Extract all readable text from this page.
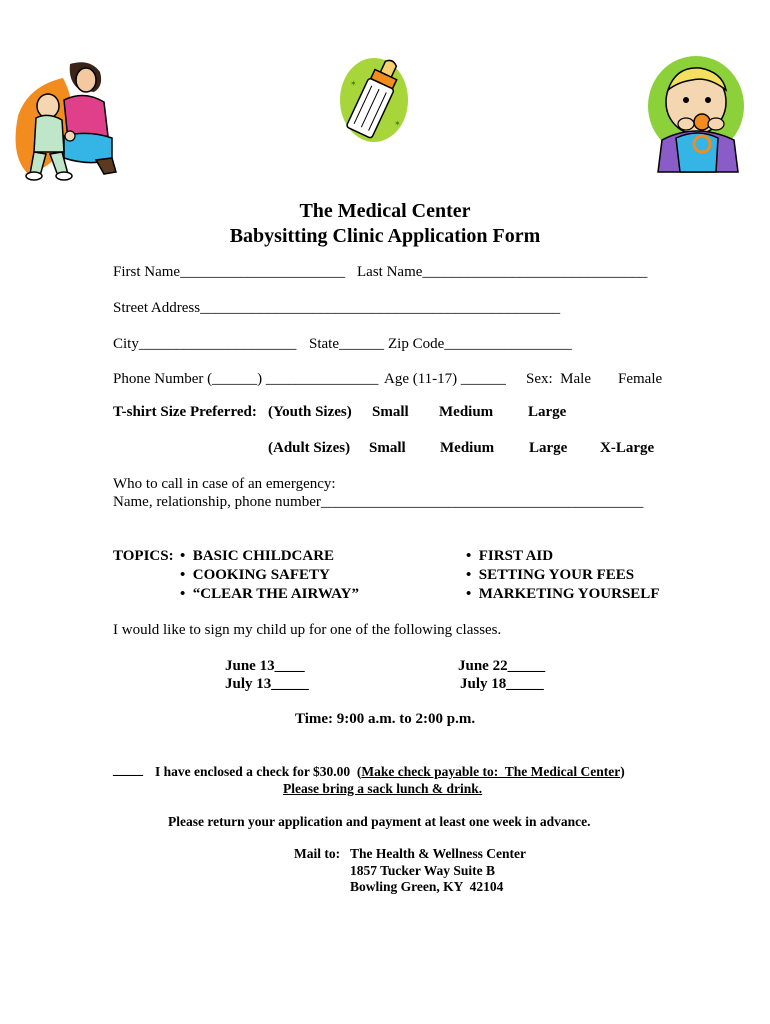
✶
✶
The Medical Center
Babysitting Clinic Application Form
First Name______________________ Last Name______________________________
Street Address________________________________________________
City_____________________ State______ Zip Code_________________
Phone Number (______) _______________ Age (11-17) ______ Sex:  Male Female
T-shirt Size Preferred: (Youth Sizes) Small Medium Large
(Adult Sizes) Small Medium Large X-Large
Who to call in case of an emergency:
Name, relationship, phone number___________________________________________
TOPICS: •  BASIC CHILDCARE
•  COOKING SAFETY
•  “CLEAR THE AIRWAY”
•  FIRST AID
•  SETTING YOUR FEES
•  MARKETING YOURSELF
I would like to sign my child up for one of the following classes.
June 13____
July 13_____
June 22_____
July 18_____
Time: 9:00 a.m. to 2:00 p.m.
____ I have enclosed a check for $30.00  (Make check payable to:  The Medical Center)
Please bring a sack lunch & drink.
Please return your application and payment at least one week in advance.
Mail to: The Health & Wellness Center
1857 Tucker Way Suite B
Bowling Green, KY  42104
